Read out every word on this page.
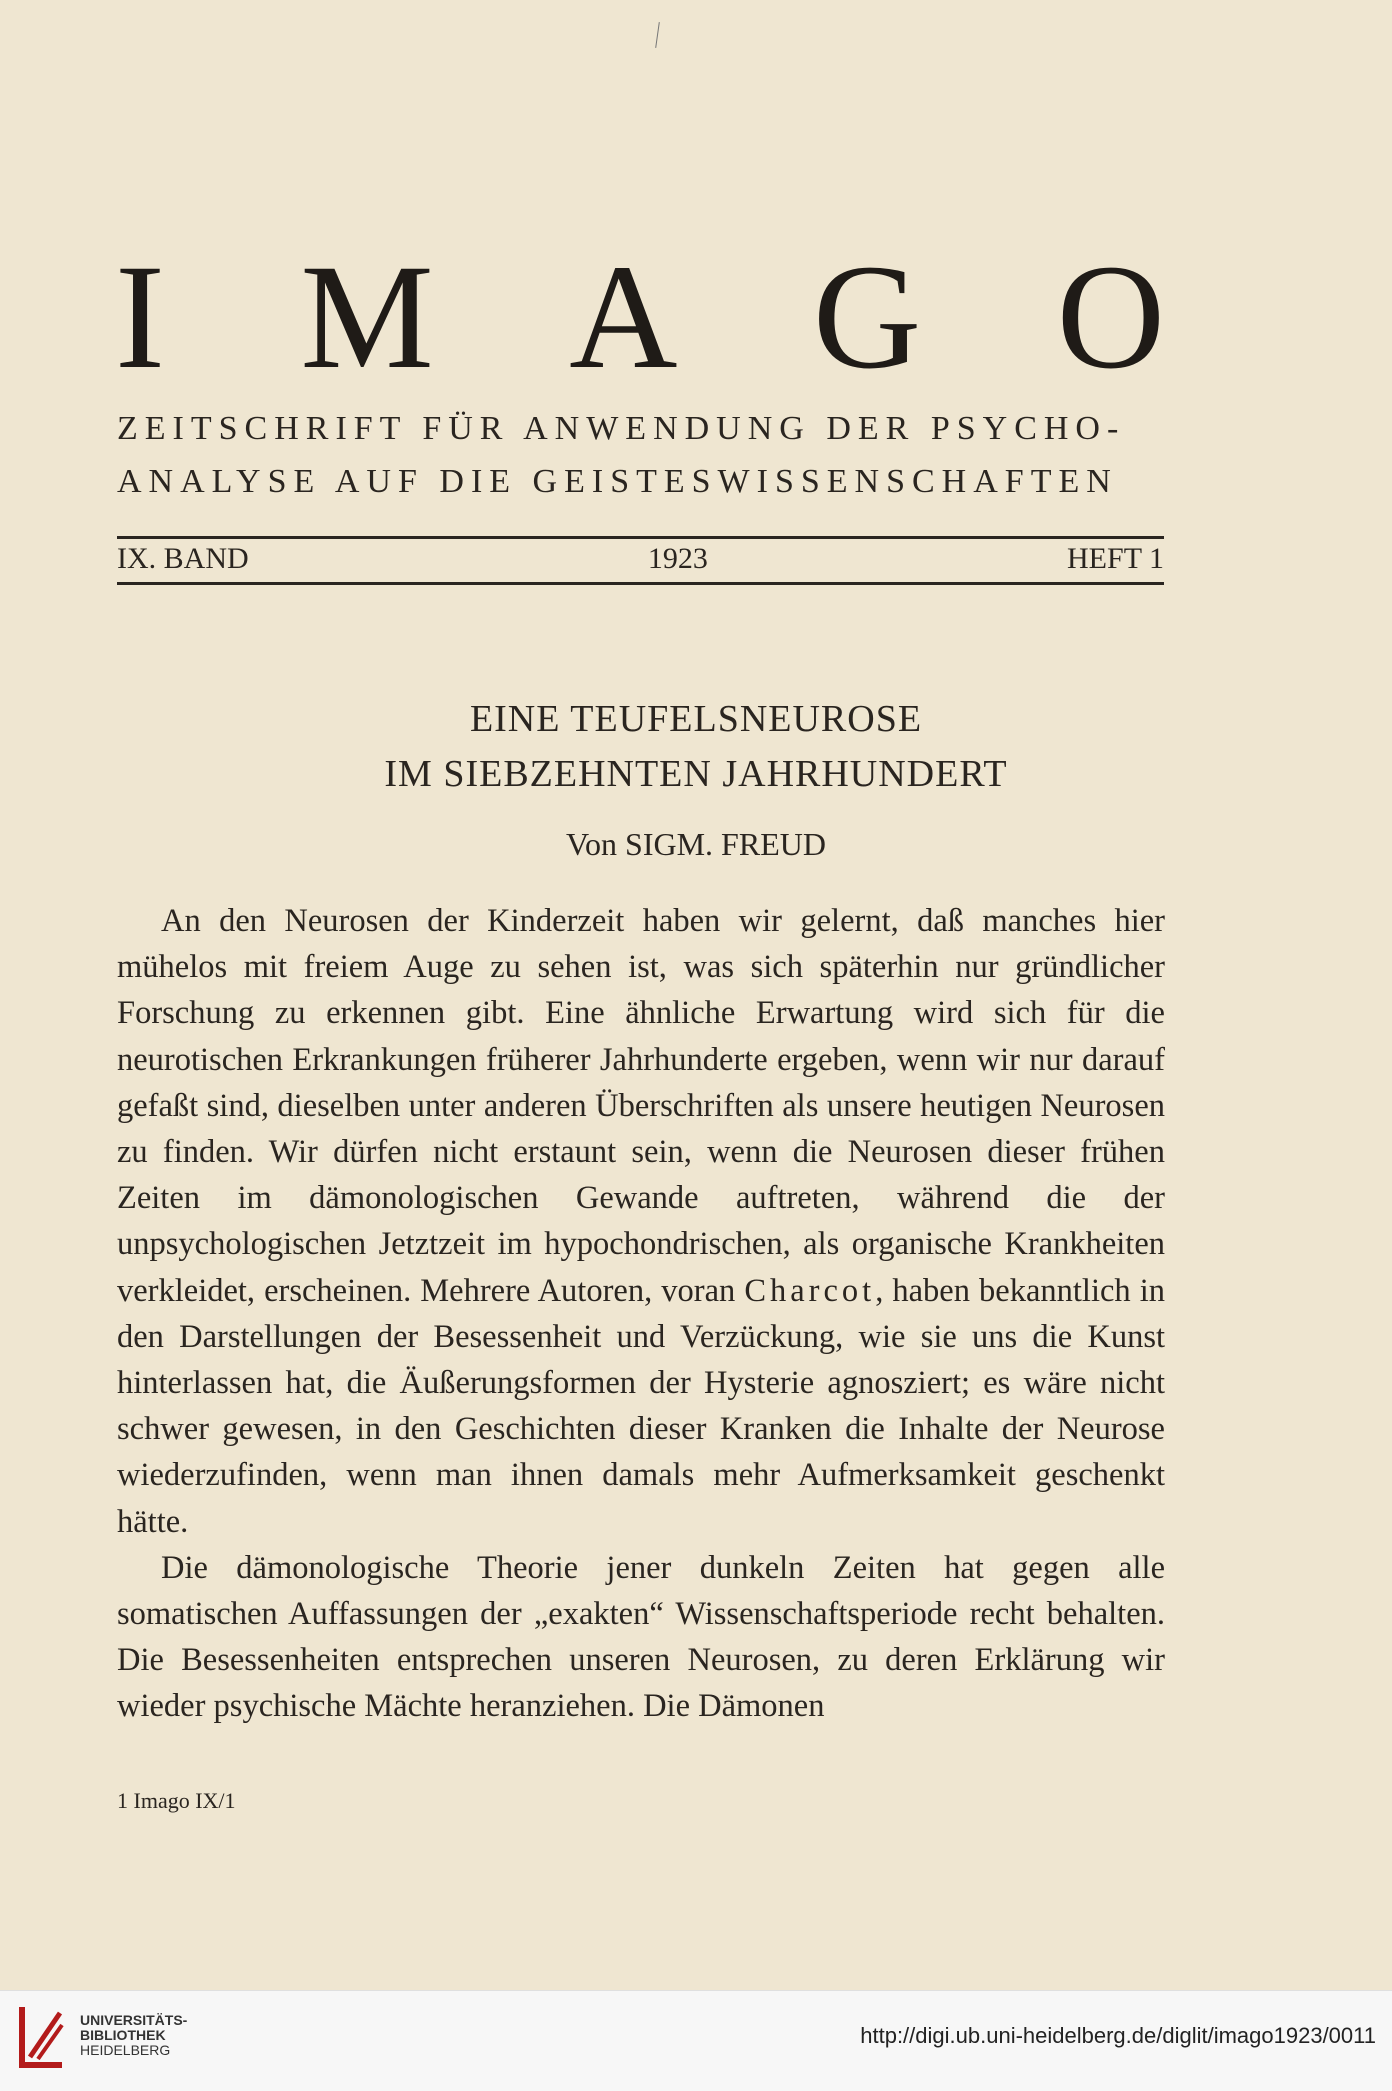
I M A G O
ZEITSCHRIFT FÜR ANWENDUNG DER PSYCHO-
ANALYSE AUF DIE GEISTESWISSENSCHAFTEN
IX. BAND	1923	HEFT 1
EINE TEUFELSNEUROSE
IM SIEBZEHNTEN JAHRHUNDERT
Von SIGM. FREUD

An den Neurosen der Kinderzeit haben wir gelernt, daß manches hier mühelos mit freiem Auge zu sehen ist, was sich späterhin nur gründlicher Forschung zu erkennen gibt. Eine ähnliche Erwartung wird sich für die neurotischen Erkrankungen früherer Jahrhunderte ergeben, wenn wir nur darauf gefaßt sind, dieselben unter anderen Überschriften als unsere heutigen Neurosen zu finden. Wir dürfen nicht erstaunt sein, wenn die Neurosen dieser frühen Zeiten im dämonologischen Gewande auftreten, während die der unpsychologischen Jetztzeit im hypochondrischen, als organische Krankheiten verkleidet, erscheinen. Mehrere Autoren, voran Charcot, haben bekanntlich in den Darstellungen der Besessenheit und Verzückung, wie sie uns die Kunst hinterlassen hat, die Äußerungsformen der Hysterie agnosziert; es wäre nicht schwer gewesen, in den Geschichten dieser Kranken die Inhalte der Neurose wiederzufinden, wenn man ihnen damals mehr Aufmerksamkeit geschenkt hätte.

Die dämonologische Theorie jener dunkeln Zeiten hat gegen alle somatischen Auffassungen der „exakten“ Wissenschaftsperiode recht behalten. Die Besessenheiten entsprechen unseren Neurosen, zu deren Erklärung wir wieder psychische Mächte heranziehen. Die Dämonen

1 Imago IX/1
UNIVERSITÄTS-
BIBLIOTHEK
HEIDELBERG
http://digi.ub.uni-heidelberg.de/diglit/imago1923/0011
